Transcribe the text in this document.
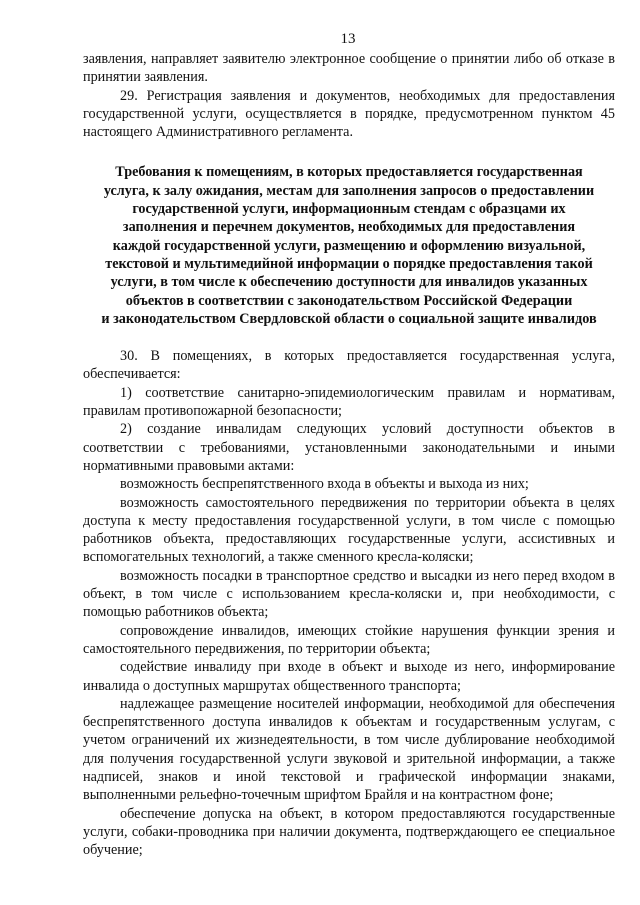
13

заявления, направляет заявителю электронное сообщение о принятии либо об отказе в принятии заявления.

29. Регистрация заявления и документов, необходимых для предоставления государственной услуги, осуществляется в порядке, предусмотренном пунктом 45 настоящего Административного регламента.

Требования к помещениям, в которых предоставляется государственная
услуга, к залу ожидания, местам для заполнения запросов о предоставлении
государственной услуги, информационным стендам с образцами их
заполнения и перечнем документов, необходимых для предоставления
каждой государственной услуги, размещению и оформлению визуальной,
текстовой и мультимедийной информации о порядке предоставления такой
услуги, в том числе к обеспечению доступности для инвалидов указанных
объектов в соответствии с законодательством Российской Федерации
и законодательством Свердловской области о социальной защите инвалидов

30. В помещениях, в которых предоставляется государственная услуга, обеспечивается:

1) соответствие санитарно-эпидемиологическим правилам и нормативам, правилам противопожарной безопасности;

2) создание инвалидам следующих условий доступности объектов в соответствии с требованиями, установленными законодательными и иными нормативными правовыми актами:

возможность беспрепятственного входа в объекты и выхода из них;

возможность самостоятельного передвижения по территории объекта в целях доступа к месту предоставления государственной услуги, в том числе с помощью работников объекта, предоставляющих государственные услуги, ассистивных и вспомогательных технологий, а также сменного кресла-коляски;

возможность посадки в транспортное средство и высадки из него перед входом в объект, в том числе с использованием кресла-коляски и, при необходимости, с помощью работников объекта;

сопровождение инвалидов, имеющих стойкие нарушения функции зрения и самостоятельного передвижения, по территории объекта;

содействие инвалиду при входе в объект и выходе из него, информирование инвалида о доступных маршрутах общественного транспорта;

надлежащее размещение носителей информации, необходимой для обеспечения беспрепятственного доступа инвалидов к объектам и государственным услугам, с учетом ограничений их жизнедеятельности, в том числе дублирование необходимой для получения государственной услуги звуковой и зрительной информации, а также надписей, знаков и иной текстовой и графической информации знаками, выполненными рельефно-точечным шрифтом Брайля и на контрастном фоне;

обеспечение допуска на объект, в котором предоставляются государственные услуги, собаки-проводника при наличии документа, подтверждающего ее специальное обучение;
